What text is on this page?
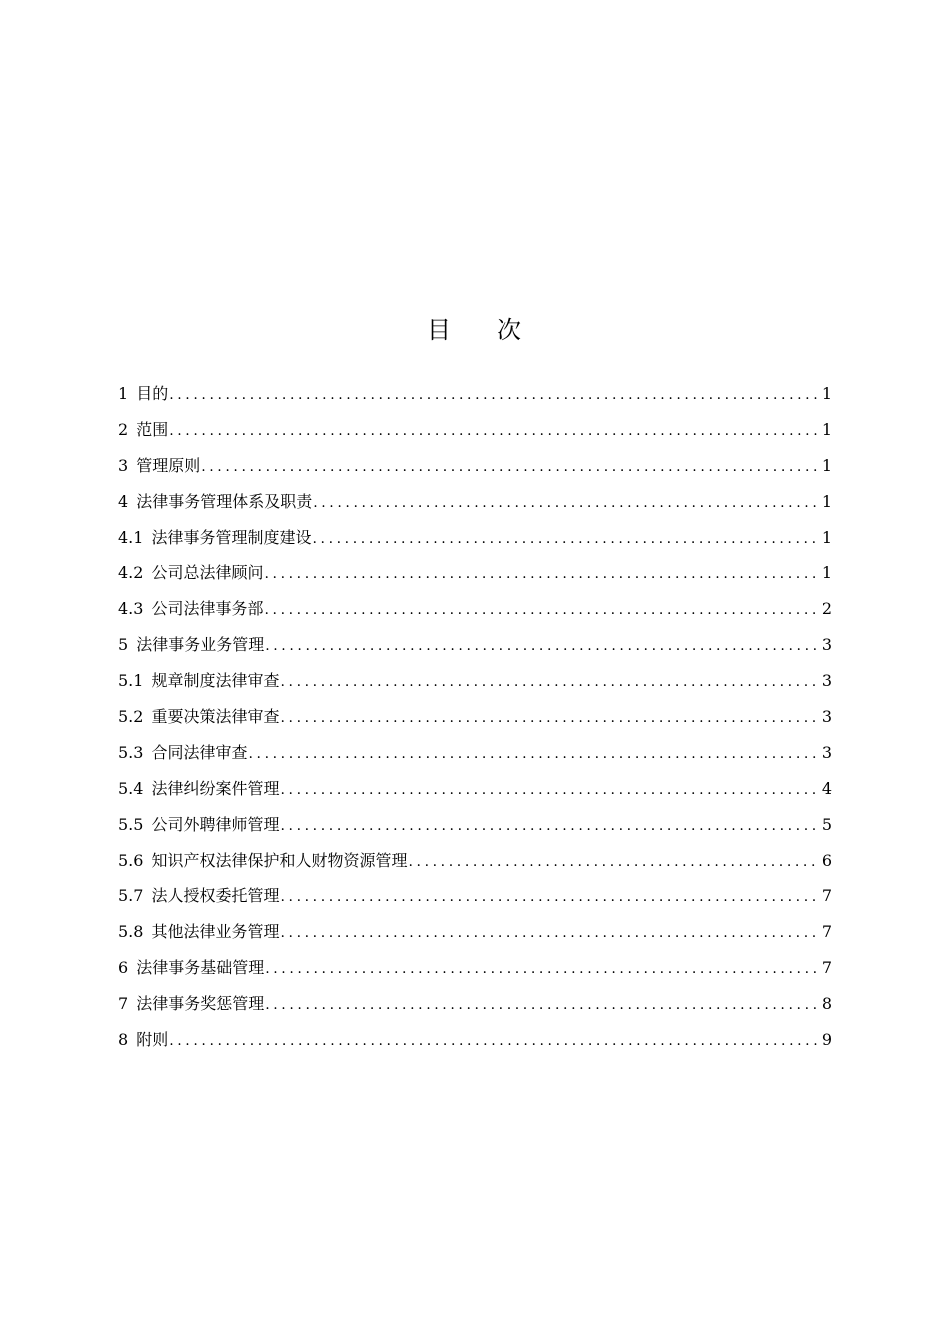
目 次
1 目的 .....	1
2 范围 .....	1
3 管理原则 .....	1
4 法律事务管理体系及职责 .....	1
4.1 法律事务管理制度建设 .....	1
4.2 公司总法律顾问 .....	1
4.3 公司法律事务部 .....	2
5 法律事务业务管理 .....	3
5.1 规章制度法律审查 .....	3
5.2 重要决策法律审查 .....	3
5.3 合同法律审查 .....	3
5.4 法律纠纷案件管理 .....	4
5.5 公司外聘律师管理 .....	5
5.6 知识产权法律保护和人财物资源管理 .....	6
5.7 法人授权委托管理 .....	7
5.8 其他法律业务管理 .....	7
6 法律事务基础管理 .....	7
7 法律事务奖惩管理 .....	8
8 附则 .....	9
